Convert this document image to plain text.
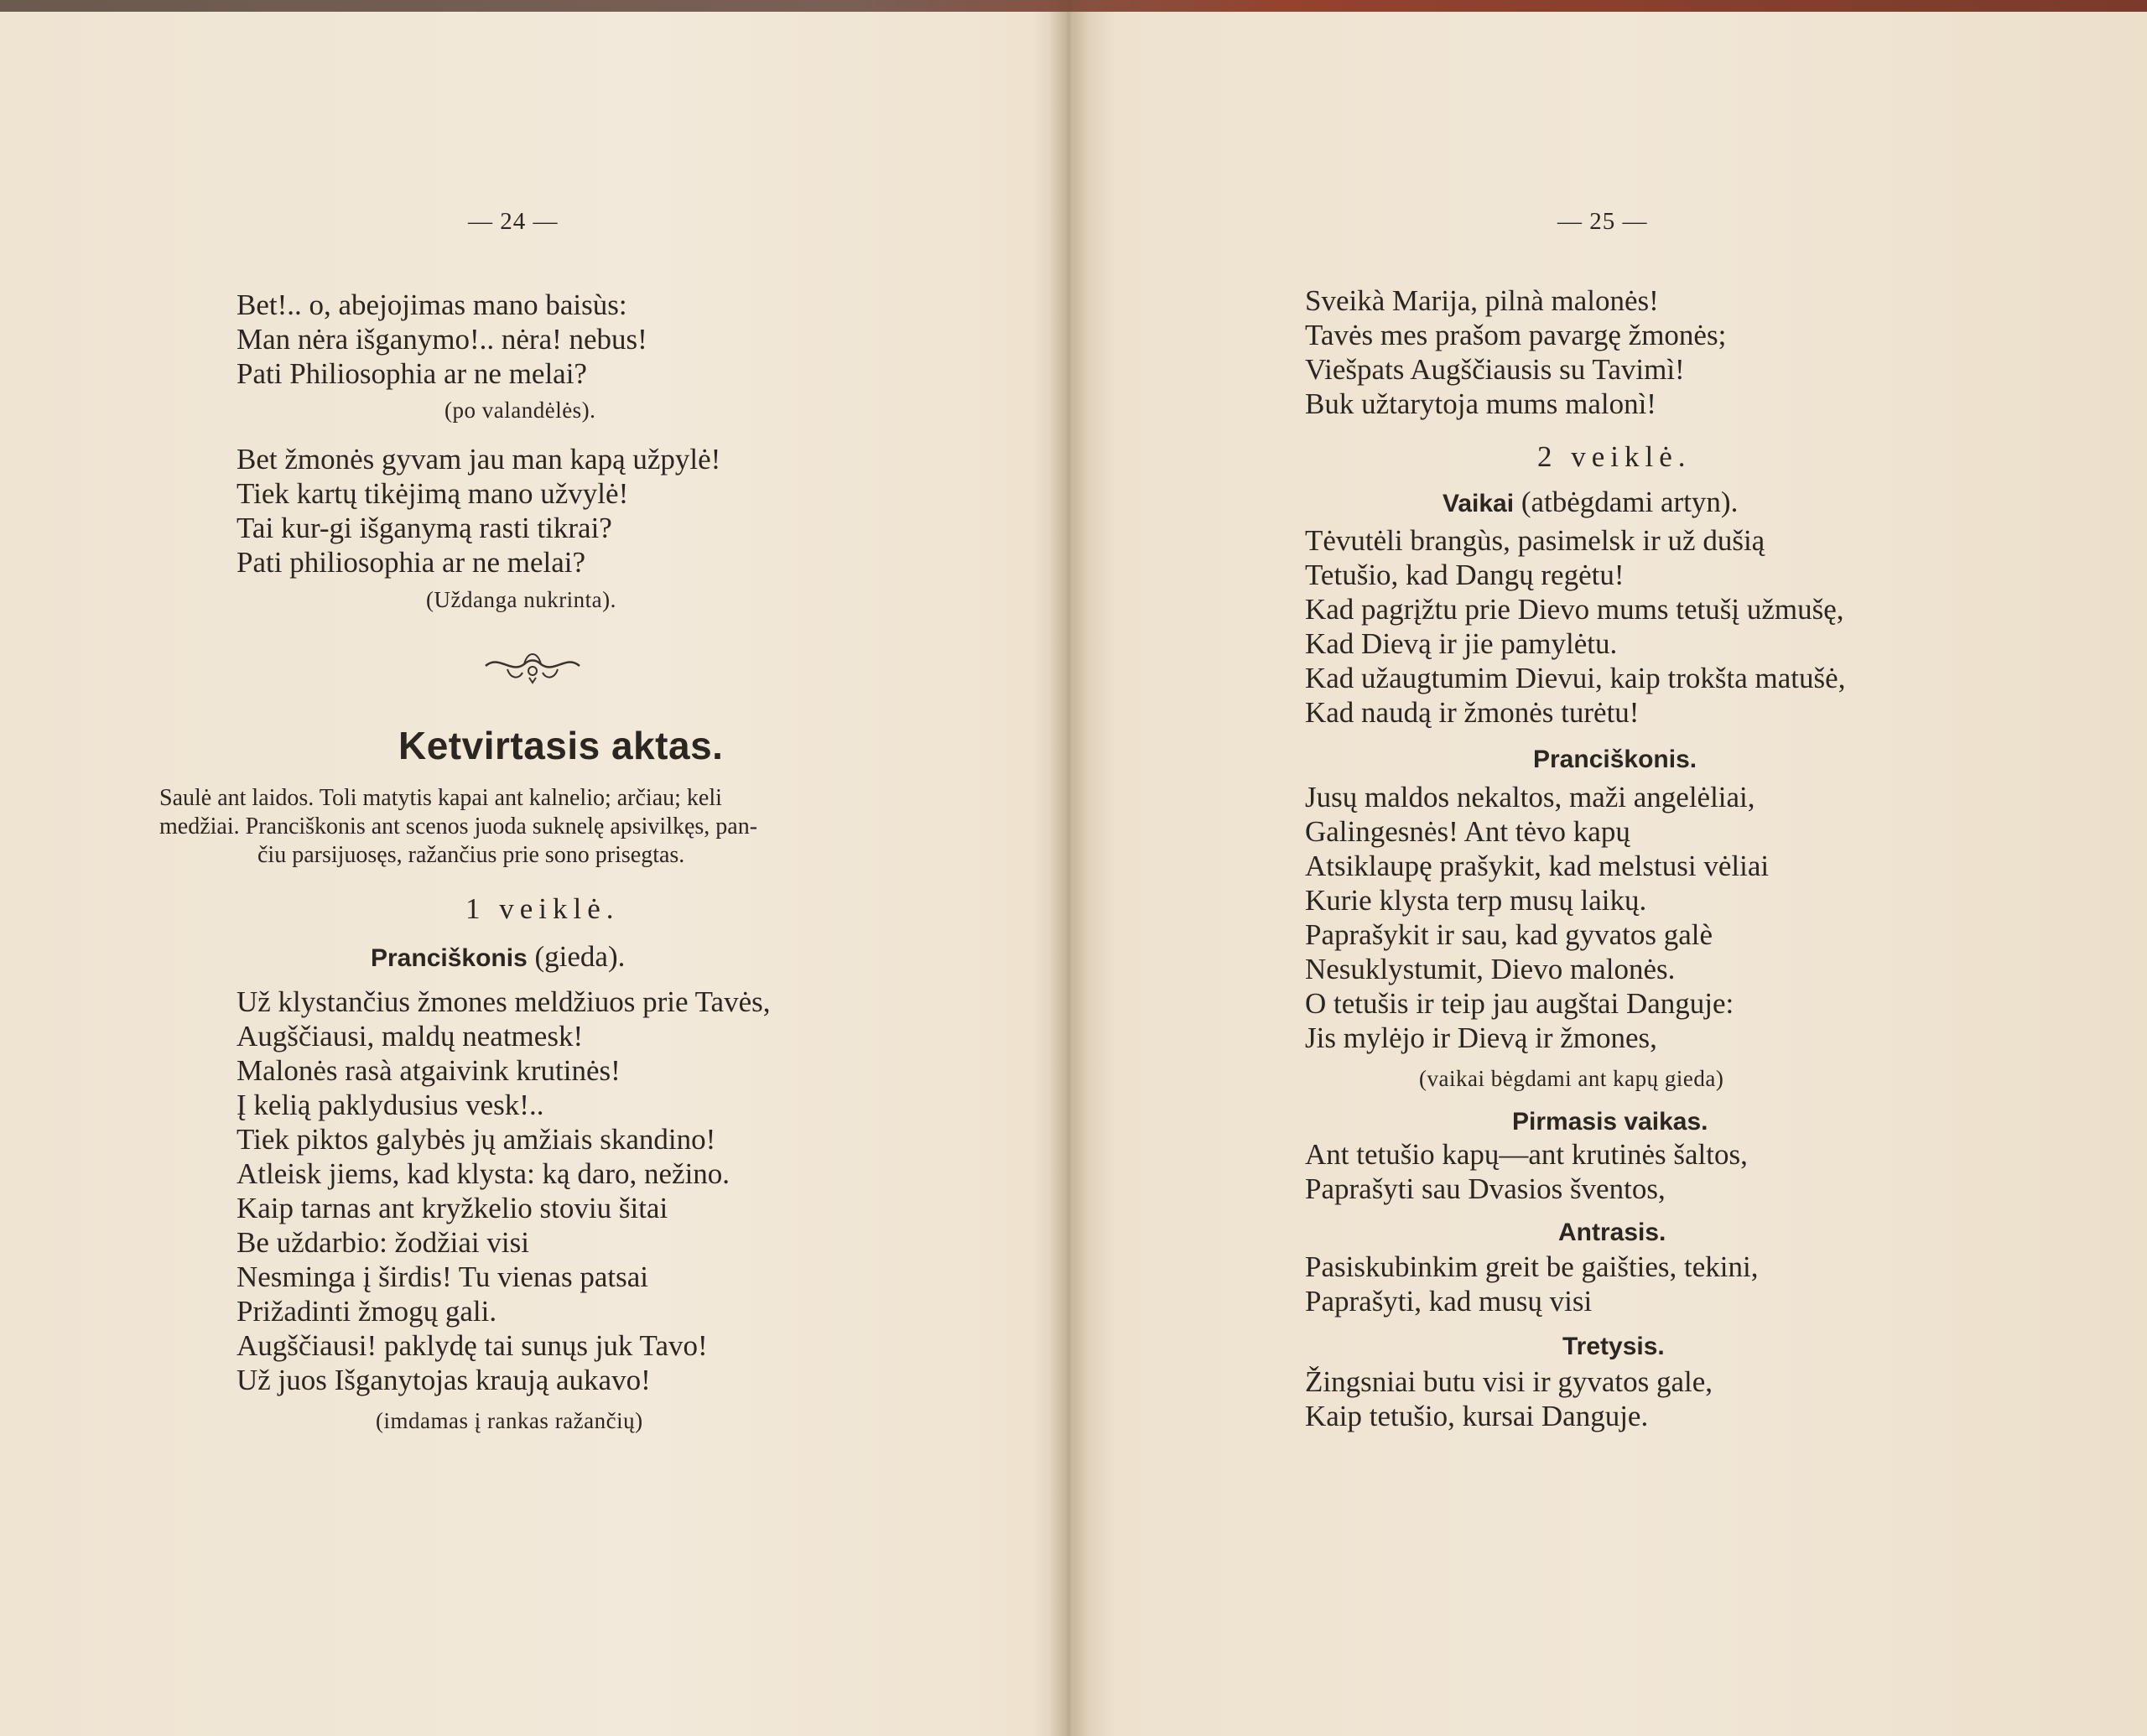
— 24 —
Bet!.. o, abejojimas mano baisùs:
Man nėra išganymo!.. nėra! nebus!
Pati Philiosophia ar ne melai?
(po valandėlės).
Bet žmonės gyvam jau man kapą užpylė!
Tiek kartų tikėjimą mano užvylė!
Tai kur-gi išganymą rasti tikrai?
Pati philiosophia ar ne melai?
(Uždanga nukrinta).
Ketvirtasis aktas.
Saulė ant laidos. Toli matytis kapai ant kalnelio; arčiau; keli
medžiai. Pranciškonis ant scenos juoda suknelę apsivilkęs, pan-
čiu parsijuosęs, ražančius prie sono prisegtas.
1 veiklė.
Pranciškonis (gieda).
Už klystančius žmones meldžiuos prie Tavės,
Augščiausi, maldų neatmesk!
Malonės rasà atgaivink krutinės!
Į kelią paklydusius vesk!..
Tiek piktos galybės jų amžiais skandino!
Atleisk jiems, kad klysta: ką daro, nežino.
Kaip tarnas ant kryžkelio stoviu šitai
Be uždarbio: žodžiai visi
Nesminga į širdis! Tu vienas patsai
Prižadinti žmogų gali.
Augščiausi! paklydę tai sunųs juk Tavo!
Už juos Išganytojas kraują aukavo!
(imdamas į rankas ražančių)
— 25 —
Sveikà Marija, pilnà malonės!
Tavės mes prašom pavargę žmonės;
Viešpats Augščiausis su Tavimì!
Buk užtarytoja mums malonì!
2 veiklė.
Vaikai (atbėgdami artyn).
Tėvutėli brangùs, pasimelsk ir už dušią
Tetušio, kad Dangų regėtu!
Kad pagrįžtu prie Dievo mums tetušį užmušę,
Kad Dievą ir jie pamylėtu.
Kad užaugtumim Dievui, kaip trokšta matušė,
Kad naudą ir žmonės turėtu!
Pranciškonis.
Jusų maldos nekaltos, maži angelėliai,
Galingesnės! Ant tėvo kapų
Atsiklaupę prašykit, kad melstusi vėliai
Kurie klysta terp musų laikų.
Paprašykit ir sau, kad gyvatos galè
Nesuklystumit, Dievo malonės.
O tetušis ir teip jau augštai Danguje:
Jis mylėjo ir Dievą ir žmones,
(vaikai bėgdami ant kapų gieda)
Pirmasis vaikas.
Ant tetušio kapų—ant krutinės šaltos,
Paprašyti sau Dvasios šventos,
Antrasis.
Pasiskubinkim greit be gaišties, tekini,
Paprašyti, kad musų visi
Tretysis.
Žingsniai butu visi ir gyvatos gale,
Kaip tetušio, kursai Danguje.
